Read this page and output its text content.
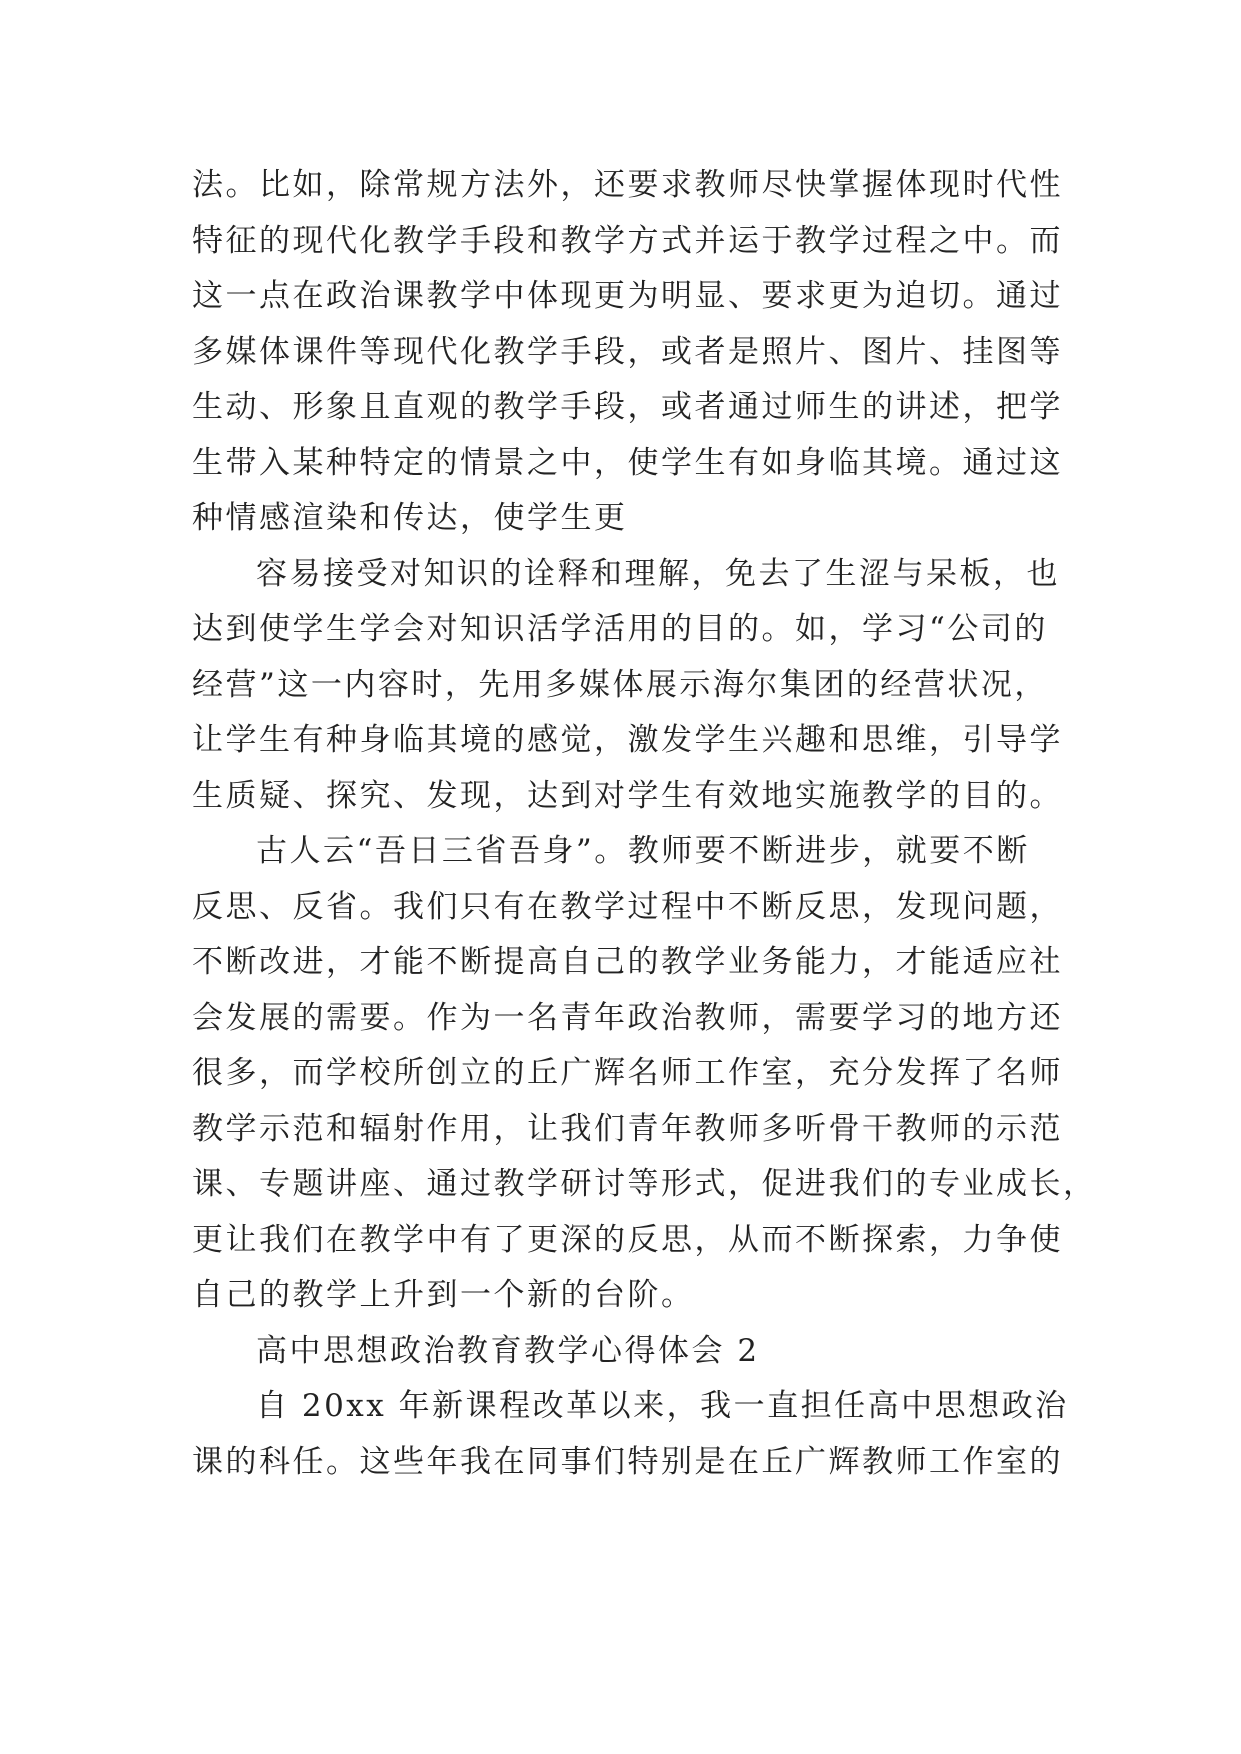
法。比如，除常规方法外，还要求教师尽快掌握体现时代性
特征的现代化教学手段和教学方式并运于教学过程之中。而
这一点在政治课教学中体现更为明显、要求更为迫切。通过
多媒体课件等现代化教学手段，或者是照片、图片、挂图等
生动、形象且直观的教学手段，或者通过师生的讲述，把学
生带入某种特定的情景之中，使学生有如身临其境。通过这
种情感渲染和传达，使学生更
容易接受对知识的诠释和理解，免去了生涩与呆板，也
达到使学生学会对知识活学活用的目的。如，学习“公司的
经营”这一内容时，先用多媒体展示海尔集团的经营状况，
让学生有种身临其境的感觉，激发学生兴趣和思维，引导学
生质疑、探究、发现，达到对学生有效地实施教学的目的。
古人云“吾日三省吾身”。教师要不断进步，就要不断
反思、反省。我们只有在教学过程中不断反思，发现问题，
不断改进，才能不断提高自己的教学业务能力，才能适应社
会发展的需要。作为一名青年政治教师，需要学习的地方还
很多，而学校所创立的丘广辉名师工作室，充分发挥了名师
教学示范和辐射作用，让我们青年教师多听骨干教师的示范
课、专题讲座、通过教学研讨等形式，促进我们的专业成长，
更让我们在教学中有了更深的反思，从而不断探索，力争使
自己的教学上升到一个新的台阶。
高中思想政治教育教学心得体会 2
自 20xx 年新课程改革以来，我一直担任高中思想政治
课的科任。这些年我在同事们特别是在丘广辉教师工作室的
